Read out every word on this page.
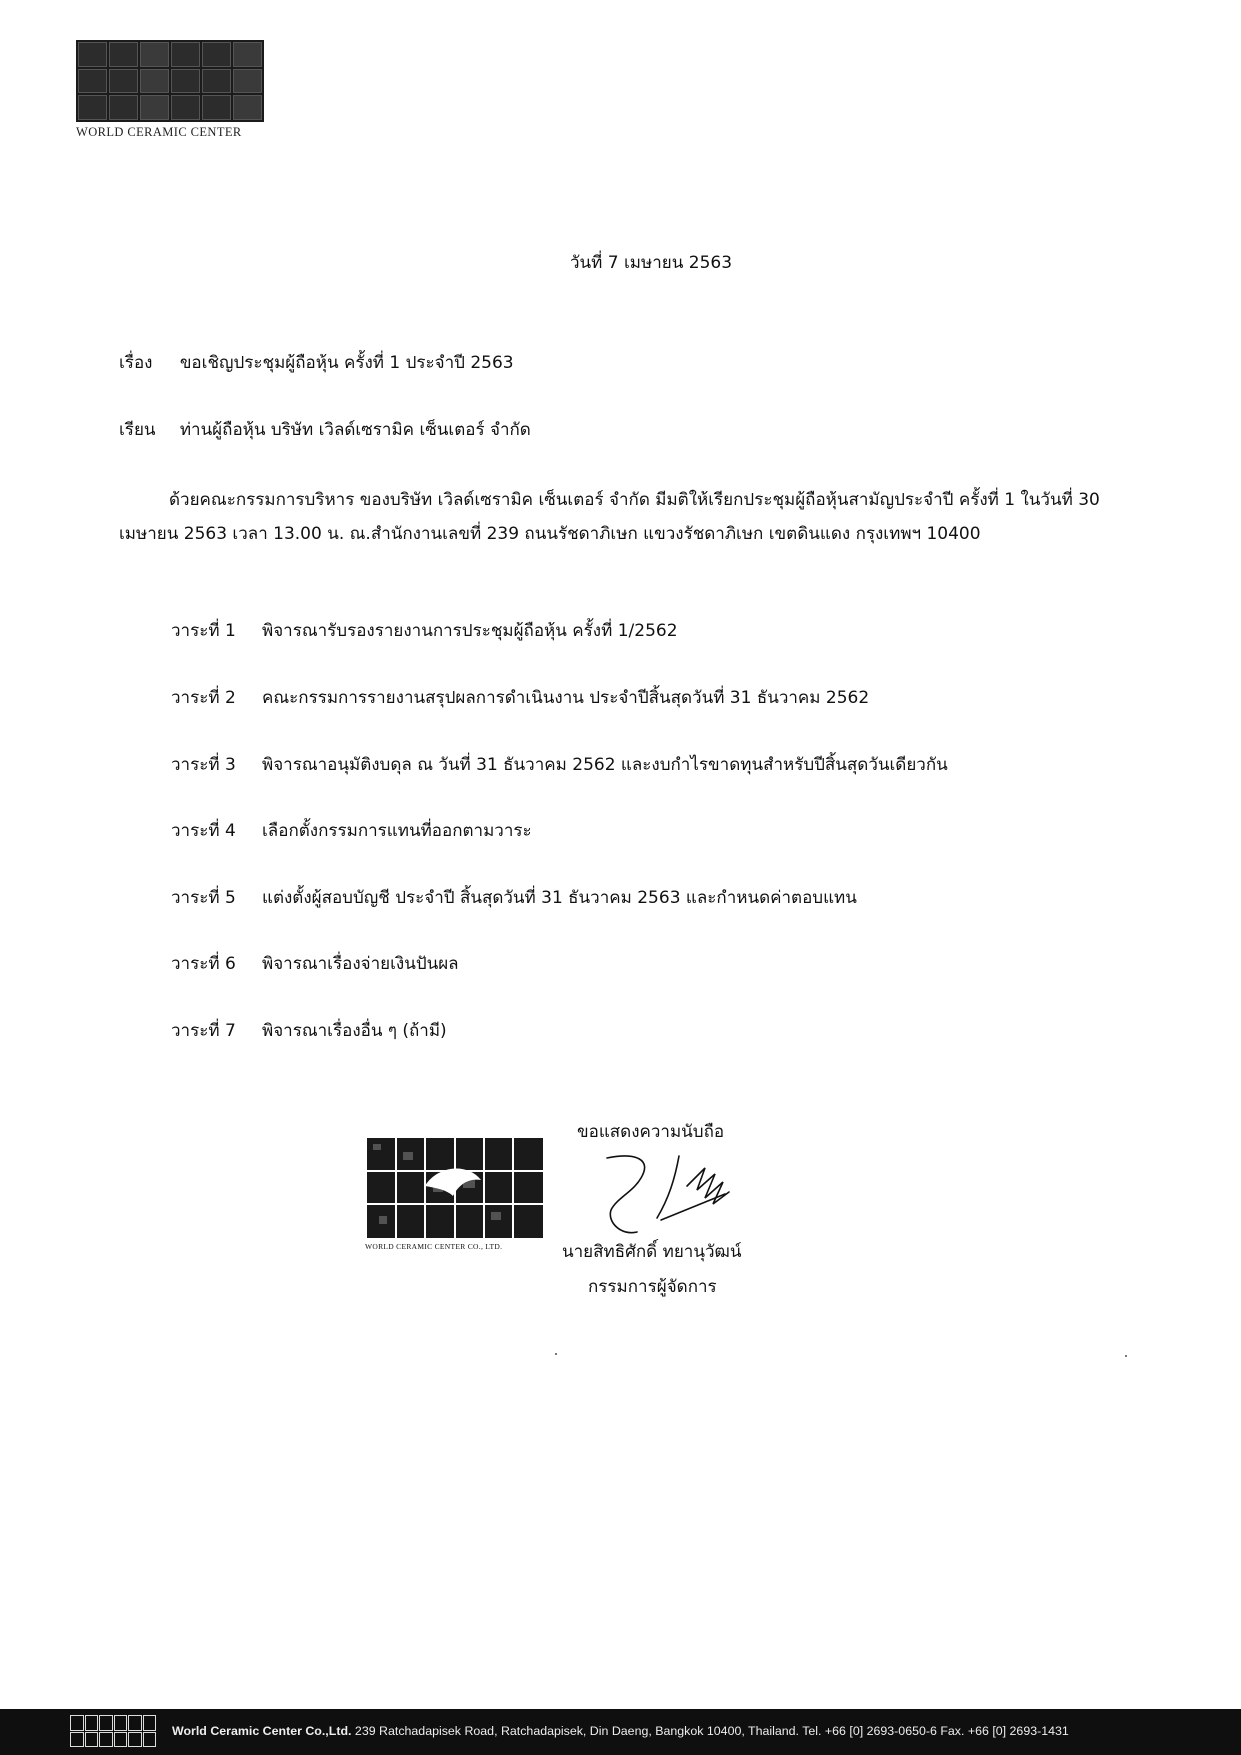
WORLD CERAMIC CENTER
วันที่ 7 เมษายน 2563
เรื่อง ขอเชิญประชุมผู้ถือหุ้น ครั้งที่ 1 ประจำปี 2563
เรียน ท่านผู้ถือหุ้น บริษัท เวิลด์เซรามิค เซ็นเตอร์ จำกัด
ด้วยคณะกรรมการบริหาร ของบริษัท เวิลด์เซรามิค เซ็นเตอร์ จำกัด มีมติให้เรียกประชุมผู้ถือหุ้นสามัญประจำปี ครั้งที่ 1 ในวันที่ 30 เมษายน 2563 เวลา 13.00 น. ณ.สำนักงานเลขที่ 239 ถนนรัชดาภิเษก แขวงรัชดาภิเษก เขตดินแดง กรุงเทพฯ 10400
วาระที่ 1 พิจารณารับรองรายงานการประชุมผู้ถือหุ้น ครั้งที่ 1/2562
วาระที่ 2 คณะกรรมการรายงานสรุปผลการดำเนินงาน ประจำปีสิ้นสุดวันที่ 31 ธันวาคม 2562
วาระที่ 3 พิจารณาอนุมัติงบดุล ณ วันที่ 31 ธันวาคม 2562 และงบกำไรขาดทุนสำหรับปีสิ้นสุดวันเดียวกัน
วาระที่ 4 เลือกตั้งกรรมการแทนที่ออกตามวาระ
วาระที่ 5 แต่งตั้งผู้สอบบัญชี ประจำปี สิ้นสุดวันที่ 31 ธันวาคม 2563 และกำหนดค่าตอบแทน
วาระที่ 6 พิจารณาเรื่องจ่ายเงินปันผล
วาระที่ 7 พิจารณาเรื่องอื่น ๆ (ถ้ามี)
ขอแสดงความนับถือ
WORLD CERAMIC CENTER CO., LTD.	นายสิทธิศักดิ์ ทยานุวัฒน์
กรรมการผู้จัดการ
World Ceramic Center Co.,Ltd. 239 Ratchadapisek Road, Ratchadapisek, Din Daeng, Bangkok 10400, Thailand. Tel. +66 [0] 2693-0650-6 Fax. +66 [0] 2693-1431
